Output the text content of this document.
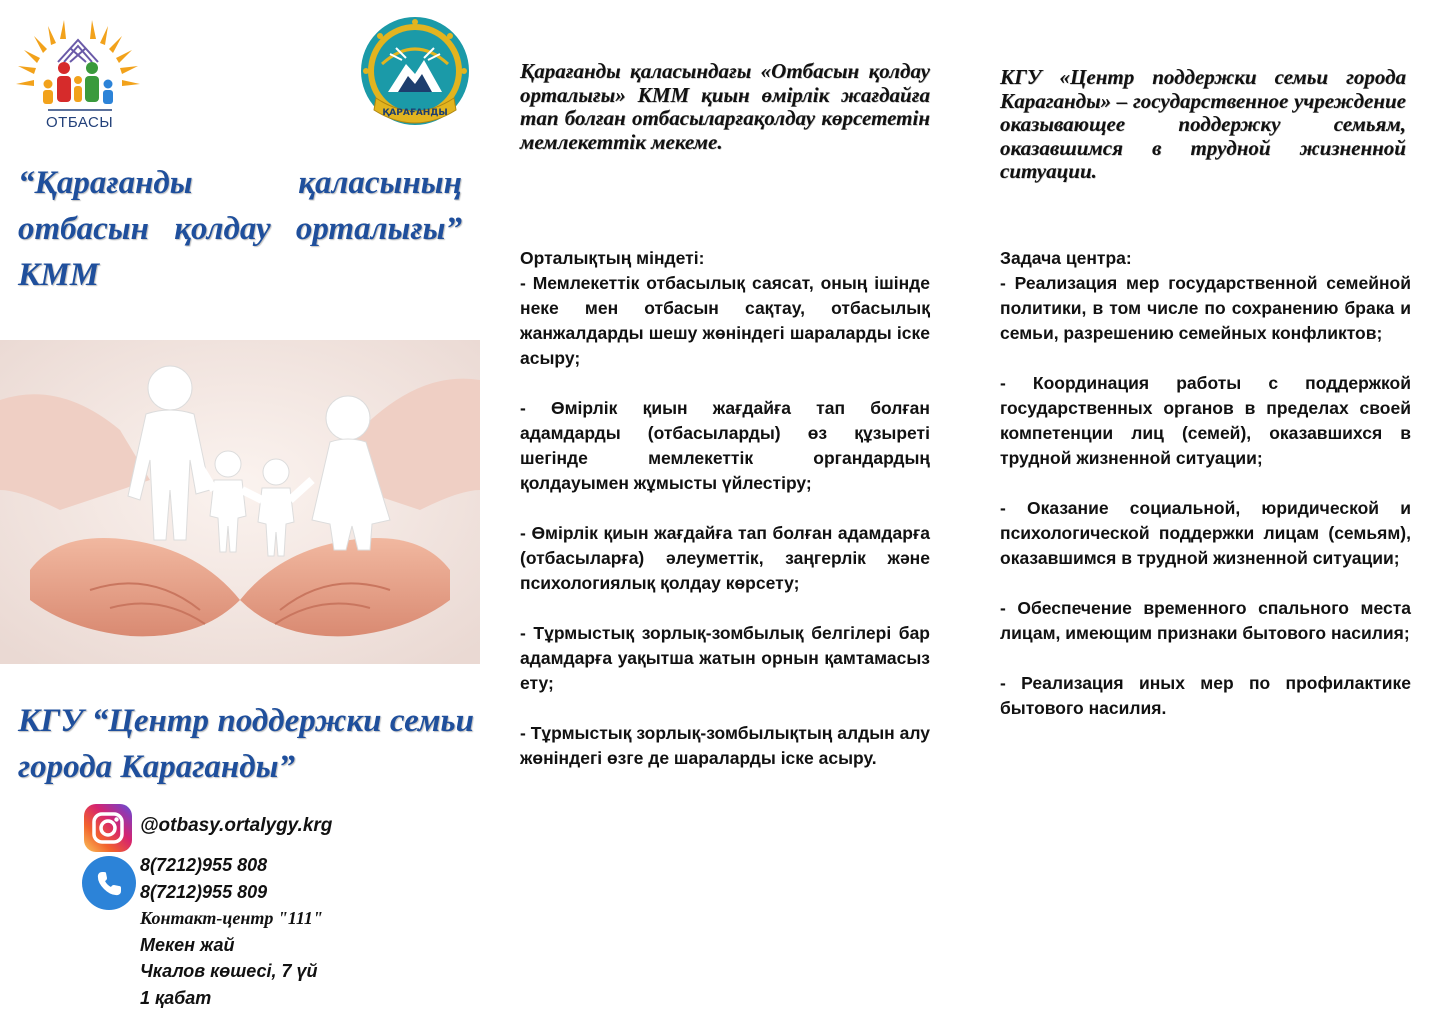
ОТБАСЫ
ҚАРАҒАНДЫ
“Қарағанды қаласының отбасын қолдау орталығы” КММ
КГУ “Центр поддержки семьи города Караганды”
@otbasy.ortalygy.krg
8(7212)955 808
8(7212)955 809
Контакт-центр "111"
Мекен жай
Чкалов көшесі, 7 үй
1 қабат
Қарағанды қаласындағы «Отбасын қолдау орталығы» КММ қиын өмірлік жағдайға тап болған отбасыларғақолдау көрсететін мемлекеттік мекеме.

Орталықтың міндеті:

- Мемлекеттік отбасылық саясат, оның ішінде неке мен отбасын сақтау, отбасылық жанжалдарды шешу жөніндегі шараларды іске асыру;

- Өмірлік қиын жағдайға тап болған адамдарды (отбасыларды) өз құзыреті шегінде мемлекеттік органдардың қолдауымен жұмысты үйлестіру;

- Өмірлік қиын жағдайға тап болған адамдарға (отбасыларға) әлеуметтік, заңгерлік және психологиялық қолдау көрсету;

- Тұрмыстық зорлық-зомбылық белгілері бар адамдарға уақытша жатын орнын қамтамасыз ету;

- Тұрмыстық зорлық-зомбылықтың алдын алу жөніндегі өзге де шараларды іске асыру.

КГУ «Центр поддержки семьи города Караганды» – государственное учреждение оказывающее поддержку семьям, оказавшимся в трудной жизненной ситуации.

Задача центра:

- Реализация мер государственной семейной политики, в том числе по сохранению брака и семьи, разрешению семейных конфликтов;

- Координация работы с поддержкой государственных органов в пределах своей компетенции лиц (семей), оказавшихся в трудной жизненной ситуации;

- Оказание социальной, юридической и психологической поддержки лицам (семьям), оказавшимся в трудной жизненной ситуации;

- Обеспечение временного спального места лицам, имеющим признаки бытового насилия;

- Реализация иных мер по профилактике бытового насилия.
